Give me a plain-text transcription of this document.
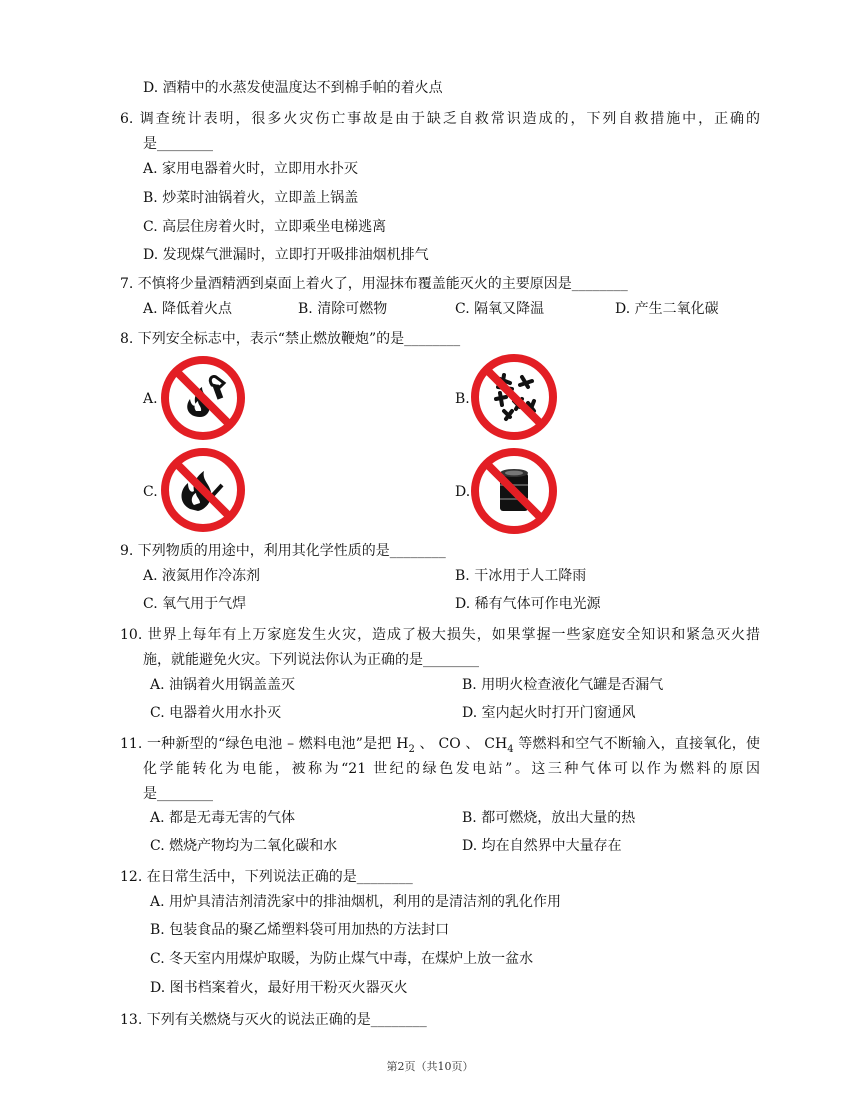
D. 酒精中的水蒸发使温度达不到棉手帕的着火点
6. 调查统计表明，很多火灾伤亡事故是由于缺乏自救常识造成的，下列自救措施中，正确的
是________
A. 家用电器着火时，立即用水扑灭
B. 炒菜时油锅着火，立即盖上锅盖
C. 高层住房着火时，立即乘坐电梯逃离
D. 发现煤气泄漏时，立即打开吸排油烟机排气
7. 不慎将少量酒精洒到桌面上着火了，用湿抹布覆盖能灭火的主要原因是________
A. 降低着火点	B. 清除可燃物	C. 隔氧又降温	D. 产生二氧化碳
8. 下列安全标志中，表示“禁止燃放鞭炮”的是________
A.	B.
C.	D.
9. 下列物质的用途中，利用其化学性质的是________
A. 液氮用作冷冻剂	B. 干冰用于人工降雨
C. 氧气用于气焊	D. 稀有气体可作电光源
10. 世界上每年有上万家庭发生火灾，造成了极大损失，如果掌握一些家庭安全知识和紧急灭火措
施，就能避免火灾。下列说法你认为正确的是________
A. 油锅着火用锅盖盖灭	B. 用明火检查液化气罐是否漏气
C. 电器着火用水扑灭	D. 室内起火时打开门窗通风
11. 一种新型的“绿色电池 – 燃料电池”是把 $H_2$ 、 CO 、 $CH_4$ 等燃料和空气不断输入，直接氧化，使
化学能转化为电能，被称为“21 世纪的绿色发电站”。这三种气体可以作为燃料的原因
是________
A. 都是无毒无害的气体	B. 都可燃烧，放出大量的热
C. 燃烧产物均为二氧化碳和水	D. 均在自然界中大量存在
12. 在日常生活中，下列说法正确的是________
A. 用炉具清洁剂清洗家中的排油烟机，利用的是清洁剂的乳化作用
B. 包装食品的聚乙烯塑料袋可用加热的方法封口
C. 冬天室内用煤炉取暖，为防止煤气中毒，在煤炉上放一盆水
D. 图书档案着火，最好用干粉灭火器灭火
13. 下列有关燃烧与灭火的说法正确的是________
第2页（共10页）
